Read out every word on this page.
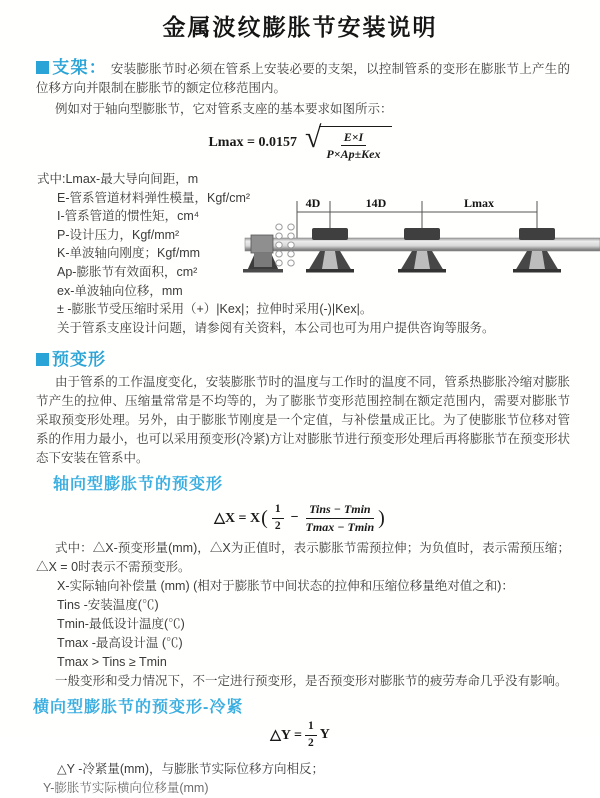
金属波纹膨胀节安装说明

支架： 安装膨胀节时必须在管系上安装必要的支架，以控制管系的变形在膨胀节上产生的位移方向并限制在膨胀节的额定位移范围内。

例如对于轴向型膨胀节，它对管系支座的基本要求如图所示：

Lmax = 0.0157 √ $\frac{E\times I}{\text{P×Ap±Kex}}$
式中:Lmax-最大导向间距，m
E-管系管道材料弹性模量，Kgf/cm²
I-管系管道的惯性矩，cm⁴
P-设计压力，Kgf/mm²
K-单波轴向刚度；Kgf/mm
Ap-膨胀节有效面积，cm²
ex-单波轴向位移，mm
± -膨胀节受压缩时采用（+）|Kex|；拉伸时采用(-)|Kex|。
关于管系支座设计问题，请参阅有关资料，本公司也可为用户提供咨询等服务。
4D	14D	Lmax
预变形

由于管系的工作温度变化，安装膨胀节时的温度与工作时的温度不同，管系热膨胀冷缩对膨胀节产生的拉伸、压缩量常常是不均等的，为了膨胀节变形范围控制在额定范围内，需要对膨胀节采取预变形处理。另外，由于膨胀节刚度是一个定值，与补偿量成正比。为了使膨胀节位移对管系的作用力最小，也可以采用预变形(冷紧)方让对膨胀节进行预变形处理后再将膨胀节在预变形状态下安装在管系中。

轴向型膨胀节的预变形
△X = X ( $\frac{1}{2} - \frac{\text{Tins − Tmin}}{Tmax - Tmin}$ )

式中：△X-预变形量(mm)，△X为正值时，表示膨胀节需预拉伸；为负值时，表示需预压缩；△X = 0时表示不需预变形。

X-实际轴向补偿量 (mm) (相对于膨胀节中间状态的拉伸和压缩位移量绝对值之和)：
Tins -安装温度(℃)
Tmin-最低设计温度(℃)
Tmax -最高设计温 (℃)
Tmax > Tins ≥ Tmin

一般变形和受力情况下，不一定进行预变形，是否预变形对膨胀节的疲劳寿命几乎没有影响。

横向型膨胀节的预变形-冷紧
△Y = $\frac{1}{2}$ Y
△Y -冷紧量(mm)，与膨胀节实际位移方向相反；
Y-膨胀节实际横向位移量(mm)
